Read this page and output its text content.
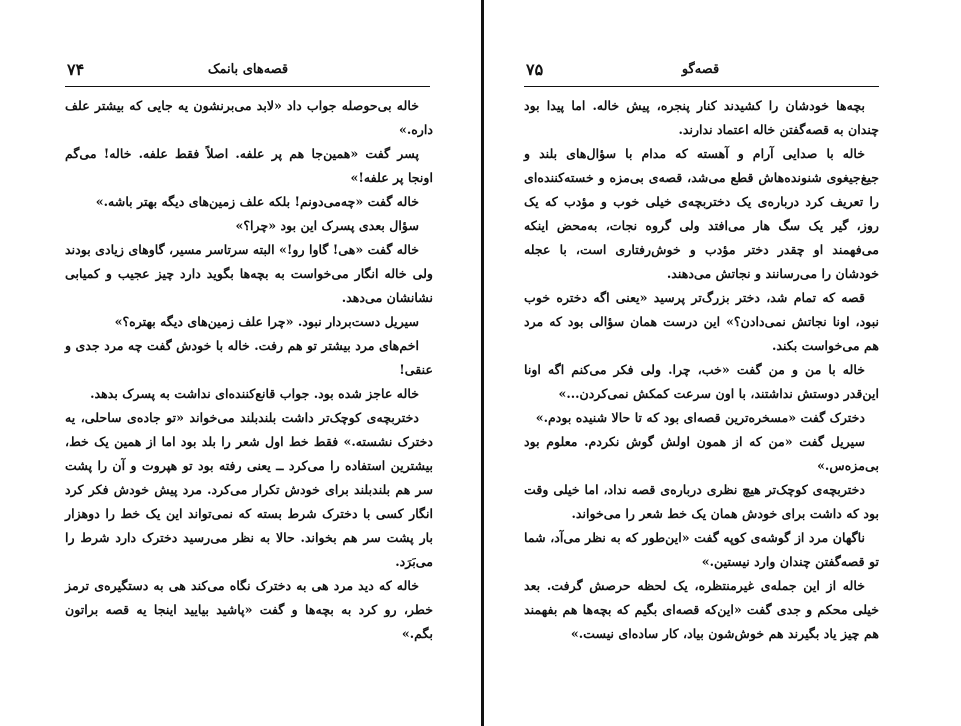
۷۴	قصه‌های بانمک

خاله بی‌حوصله جواب داد «لابد می‌برنشون یه جایی که بیشتر علف داره.»

پسر گفت «همین‌جا هم پر علفه. اصلاً فقط علفه. خاله! می‌گم اونجا پر علفه!»

خاله گفت «چه‌می‌دونم! بلکه علف زمین‌های دیگه بهتر باشه.»

سؤال بعدی پسرک این بود «چرا؟»

خاله گفت «هی! گاوا رو!» البته سرتاسر مسیر، گاوهای زیادی بودند ولی خاله انگار می‌خواست به بچه‌ها بگوید دارد چیز عجیب و کمیابی نشانشان می‌دهد.

سیریل دست‌بردار نبود. «چرا علف زمین‌های دیگه بهتره؟»

اخم‌های مرد بیشتر تو هم رفت. خاله با خودش گفت چه مرد جدی و عنقی!

خاله عاجز شده بود. جواب قانع‌کننده‌ای نداشت به پسرک بدهد.

دختربچه‌ی کوچک‌تر داشت بلندبلند می‌خواند «تو جاده‌ی ساحلی، یه دخترک نشسته.» فقط خط اول شعر را بلد بود اما از همین یک خط، بیشترین استفاده را می‌کرد ــ یعنی رفته بود تو هپروت و آن را پشت سر هم بلندبلند برای خودش تکرار می‌کرد. مرد پیش خودش فکر کرد انگار کسی با دخترک شرط بسته که نمی‌تواند این یک خط را دوهزار بار پشت سر هم بخواند. حالا به نظر می‌رسید دخترک دارد شرط را می‌بَرَد.

خاله که دید مرد هی به دخترک نگاه می‌کند هی به دستگیره‌ی ترمز خطر، رو کرد به بچه‌ها و گفت «پاشید بیایید اینجا یه قصه براتون بگم.»

۷۵	قصه‌گو

بچه‌ها خودشان را کشیدند کنار پنجره، پیش خاله. اما پیدا بود چندان به قصه‌گفتن خاله اعتماد ندارند.

خاله با صدایی آرام و آهسته که مدام با سؤال‌های بلند و جیغ‌جیغوی شنونده‌هاش قطع می‌شد، قصه‌ی بی‌مزه و خسته‌کننده‌ای را تعریف کرد درباره‌ی یک دختربچه‌ی خیلی خوب و مؤدب که یک روز، گیر یک سگ هار می‌افتد ولی گروه نجات، به‌محض اینکه می‌فهمند او چقدر دختر مؤدب و خوش‌رفتاری است، با عجله خودشان را می‌رسانند و نجاتش می‌دهند.

قصه که تمام شد، دختر بزرگ‌تر پرسید «یعنی اگه دختره خوب نبود، اونا نجاتش نمی‌دادن؟» این درست همان سؤالی بود که مرد هم می‌خواست بکند.

خاله با من و من گفت «خب، چرا. ولی فکر می‌کنم اگه اونا این‌قدر دوستش نداشتند، با اون سرعت کمکش نمی‌کردن...»

دخترک گفت «مسخره‌ترین قصه‌ای بود که تا حالا شنیده بودم.»

سیریل گفت «من که از همون اولش گوش نکردم. معلوم بود بی‌مزه‌س.»

دختربچه‌ی کوچک‌تر هیچ نظری درباره‌ی قصه نداد، اما خیلی وقت بود که داشت برای خودش همان یک خط شعر را می‌خواند.

ناگهان مرد از گوشه‌ی کوپه گفت «این‌طور که به نظر می‌آد، شما تو قصه‌گفتن چندان وارد نیستین.»

خاله از این جمله‌ی غیرمنتظره، یک لحظه حرصش گرفت. بعد خیلی محکم و جدی گفت «این‌که قصه‌ای بگیم که بچه‌ها هم بفهمند هم چیز یاد بگیرند هم خوش‌شون بیاد، کار ساده‌ای نیست.»
